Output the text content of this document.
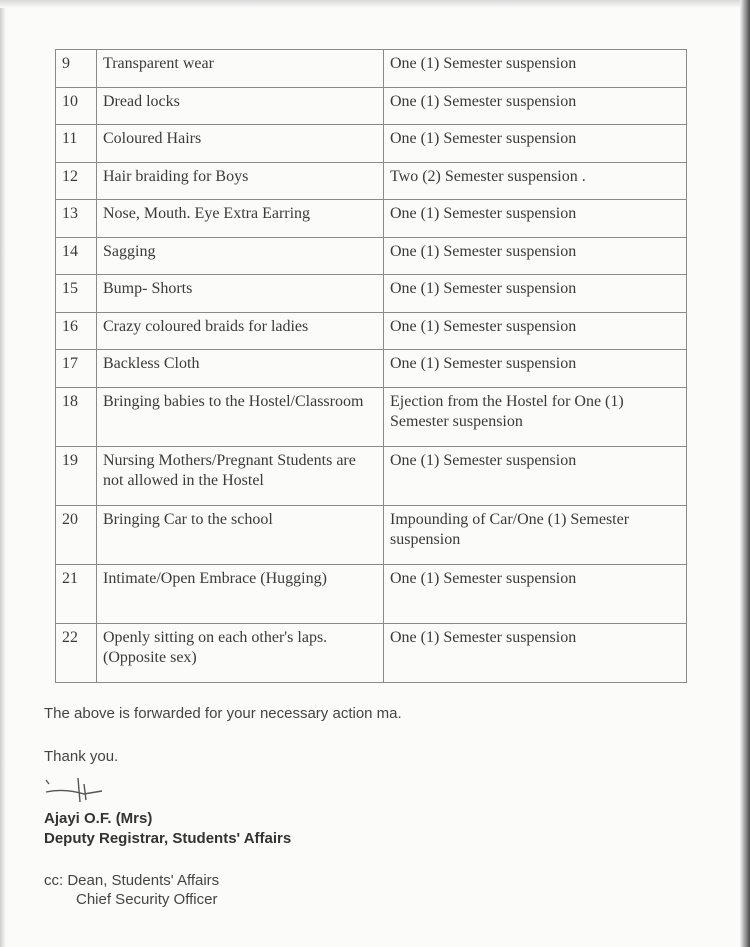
9	Transparent wear	One (1) Semester suspension
10	Dread locks	One (1) Semester suspension
11	Coloured Hairs	One (1) Semester suspension
12	Hair braiding for Boys	Two (2) Semester suspension .
13	Nose, Mouth. Eye Extra Earring	One (1) Semester suspension
14	Sagging	One (1) Semester suspension
15	Bump- Shorts	One (1) Semester suspension
16	Crazy coloured braids for ladies	One (1) Semester suspension
17	Backless Cloth	One (1) Semester suspension
18	Bringing babies to the Hostel/Classroom	Ejection from the Hostel for One (1) Semester suspension
19	Nursing Mothers/Pregnant Students are not allowed in the Hostel	One (1) Semester suspension
20	Bringing Car to the school	Impounding of Car/One (1) Semester suspension
21	Intimate/Open Embrace (Hugging)	One (1) Semester suspension
22	Openly sitting on each other's laps. (Opposite sex)	One (1) Semester suspension
The above is forwarded for your necessary action ma.
Thank you.
Ajayi O.F. (Mrs)
Deputy Registrar, Students' Affairs
cc: Dean, Students' Affairs
Chief Security Officer
